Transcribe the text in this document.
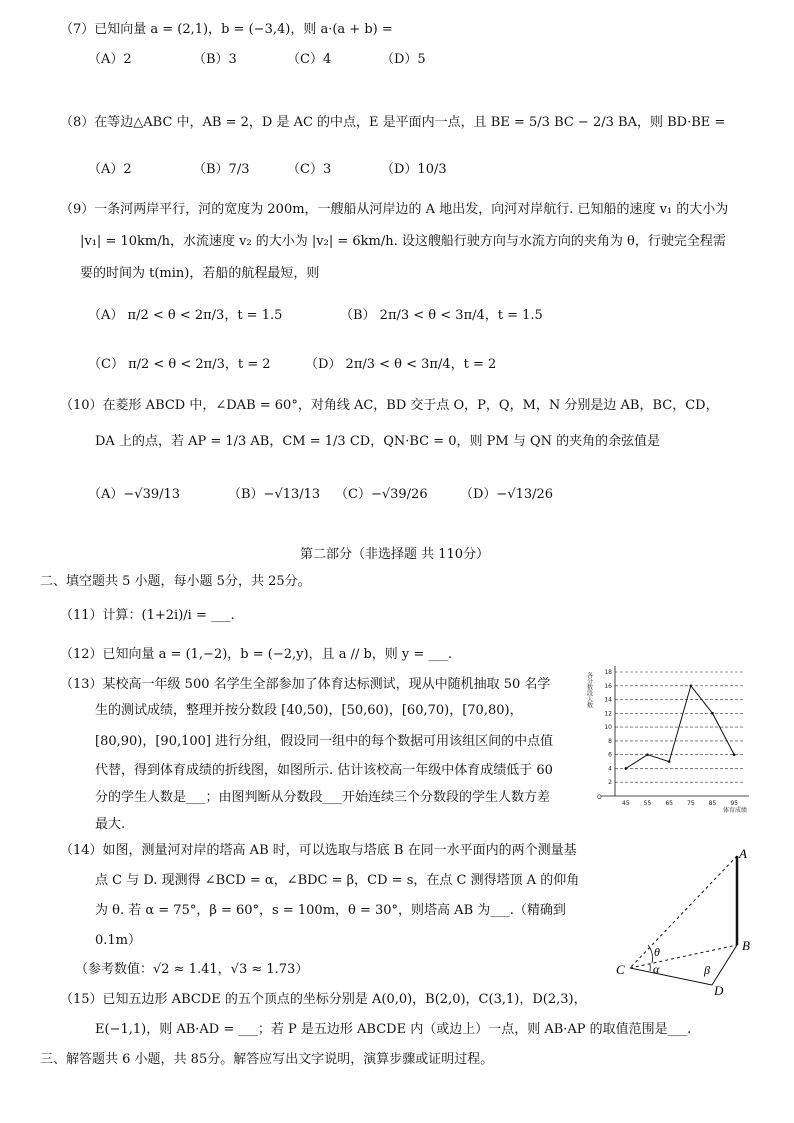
（7）已知向量 a = (2,1)，b = (−3,4)，则 a·(a + b) =
（A）2	（B）3	（C）4	（D）5
（8）在等边△ABC 中，AB = 2，D 是 AC 的中点，E 是平面内一点，且 BE = 5/3 BC − 2/3 BA，则 BD·BE =
（A）2	（B）7/3	（C）3	（D）10/3
（9）一条河两岸平行，河的宽度为 200m，一艘船从河岸边的 A 地出发，向河对岸航行. 已知船的速度 v₁ 的大小为
|v₁| = 10km/h，水流速度 v₂ 的大小为 |v₂| = 6km/h. 设这艘船行驶方向与水流方向的夹角为 θ，行驶完全程需
要的时间为 t(min)，若船的航程最短，则
（A） π/2 < θ < 2π/3，t = 1.5	（B） 2π/3 < θ < 3π/4，t = 1.5
（C） π/2 < θ < 2π/3，t = 2	（D） 2π/3 < θ < 3π/4，t = 2
（10）在菱形 ABCD 中，∠DAB = 60°，对角线 AC，BD 交于点 O，P，Q，M，N 分别是边 AB，BC，CD，
DA 上的点，若 AP = 1/3 AB，CM = 1/3 CD，QN·BC = 0，则 PM 与 QN 的夹角的余弦值是
（A）−√39/13	（B）−√13/13 （C）−√39/26 （D）−√13/26
第二部分（非选择题 共 110分）
二、填空题共 5 小题，每小题 5分，共 25分。
（11）计算：(1+2i)/i = ___.
（12）已知向量 a = (1,−2)，b = (−2,y)，且 a // b，则 y = ___.
（13）某校高一年级 500 名学生全部参加了体育达标测试，现从中随机抽取 50 名学
生的测试成绩，整理并按分数段 [40,50)，[50,60)，[60,70)，[70,80)，
[80,90)，[90,100] 进行分组，假设同一组中的每个数据可用该组区间的中点值
代替，得到体育成绩的折线图，如图所示. 估计该校高一年级中体育成绩低于 60
分的学生人数是___；由图判断从分数段___开始连续三个分数段的学生人数方差
最大.
2
4
6
8
10
12
14
16
18
45 55 65 75 85 95
O
各分数段人数
体育成绩
（14）如图，测量河对岸的塔高 AB 时，可以选取与塔底 B 在同一水平面内的两个测量基
点 C 与 D. 现测得 ∠BCD = α，∠BDC = β，CD = s，在点 C 测得塔顶 A 的仰角
为 θ. 若 α = 75°，β = 60°，s = 100m，θ = 30°，则塔高 AB 为___.（精确到
0.1m）
（参考数值：√2 ≈ 1.41，√3 ≈ 1.73）
A
B
C
D
θ
α	β
（15）已知五边形 ABCDE 的五个顶点的坐标分别是 A(0,0)，B(2,0)，C(3,1)，D(2,3)，
E(−1,1)，则 AB·AD = ___；若 P 是五边形 ABCDE 内（或边上）一点，则 AB·AP 的取值范围是___.
三、解答题共 6 小题，共 85分。解答应写出文字说明，演算步骤或证明过程。
